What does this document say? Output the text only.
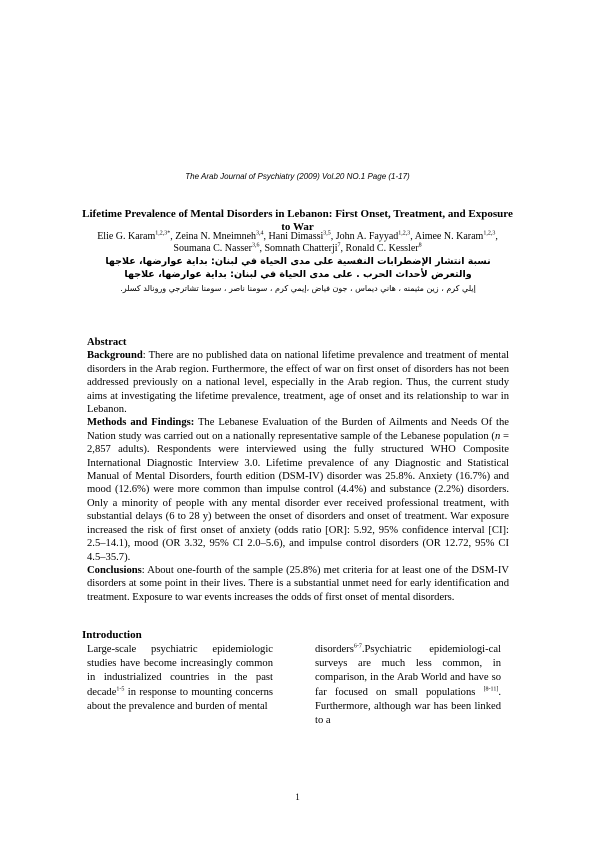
The Arab Journal of Psychiatry (2009) Vol.20 NO.1 Page (1-17)
Lifetime Prevalence of Mental Disorders in Lebanon: First Onset, Treatment, and Exposure to War
Elie G. Karam$^{1,2,3*}$, Zeina N. Mneimneh$^{3,4}$, Hani Dimassi$^{3,5}$, John A. Fayyad$^{1,2,3}$, Aimee N. Karam$^{1,2,3}$, Soumana C. Nasser$^{3,6}$, Somnath Chatterji$^7$, Ronald C. Kessler$^8$
نسبة انتشار الإضطرابات النفسية على مدى الحياة في لبنان: بداية عوارضها، علاجها والتعرض لأحداث الحرب . على مدى الحياة في لبنان: بداية عوارضها، علاجها
إيلي كرم ، زين مثيمنه ، هاني ديماس ، جون فياض ،إيمي كرم ، سومنا ناصر ، سومنا تشاترجي ورونالد كسلر.

Abstract

Background: There are no published data on national lifetime prevalence and treatment of mental disorders in the Arab region. Furthermore, the effect of war on first onset of disorders has not been addressed previously on a national level, especially in the Arab region. Thus, the current study aims at investigating the lifetime prevalence, treatment, age of onset and its relationship to war in Lebanon.

Methods and Findings: The Lebanese Evaluation of the Burden of Ailments and Needs Of the Nation study was carried out on a nationally representative sample of the Lebanese population (n = 2,857 adults). Respondents were interviewed using the fully structured WHO Composite International Diagnostic Interview 3.0. Lifetime prevalence of any Diagnostic and Statistical Manual of Mental Disorders, fourth edition (DSM-IV) disorder was 25.8%. Anxiety (16.7%) and mood (12.6%) were more common than impulse control (4.4%) and substance (2.2%) disorders. Only a minority of people with any mental disorder ever received professional treatment, with substantial delays (6 to 28 y) between the onset of disorders and onset of treatment. War exposure increased the risk of first onset of anxiety (odds ratio [OR]: 5.92, 95% confidence interval [CI]: 2.5–14.1), mood (OR 3.32, 95% CI 2.0–5.6), and impulse control disorders (OR 12.72, 95% CI 4.5–35.7).

Conclusions: About one-fourth of the sample (25.8%) met criteria for at least one of the DSM-IV disorders at some point in their lives. There is a substantial unmet need for early identification and treatment. Exposure to war events increases the odds of first onset of mental disorders.

Introduction
Large-scale psychiatric epidemiologic studies have become increasingly common in industrialized countries in the past decade$^{1-5}$ in response to mounting concerns about the prevalence and burden of mental
disorders$^{6-7}$.Psychiatric epidemiologi-cal surveys are much less common, in comparison, in the Arab World and have so far focused on small populations [8-11]. Furthermore, although war has been linked to a
1
